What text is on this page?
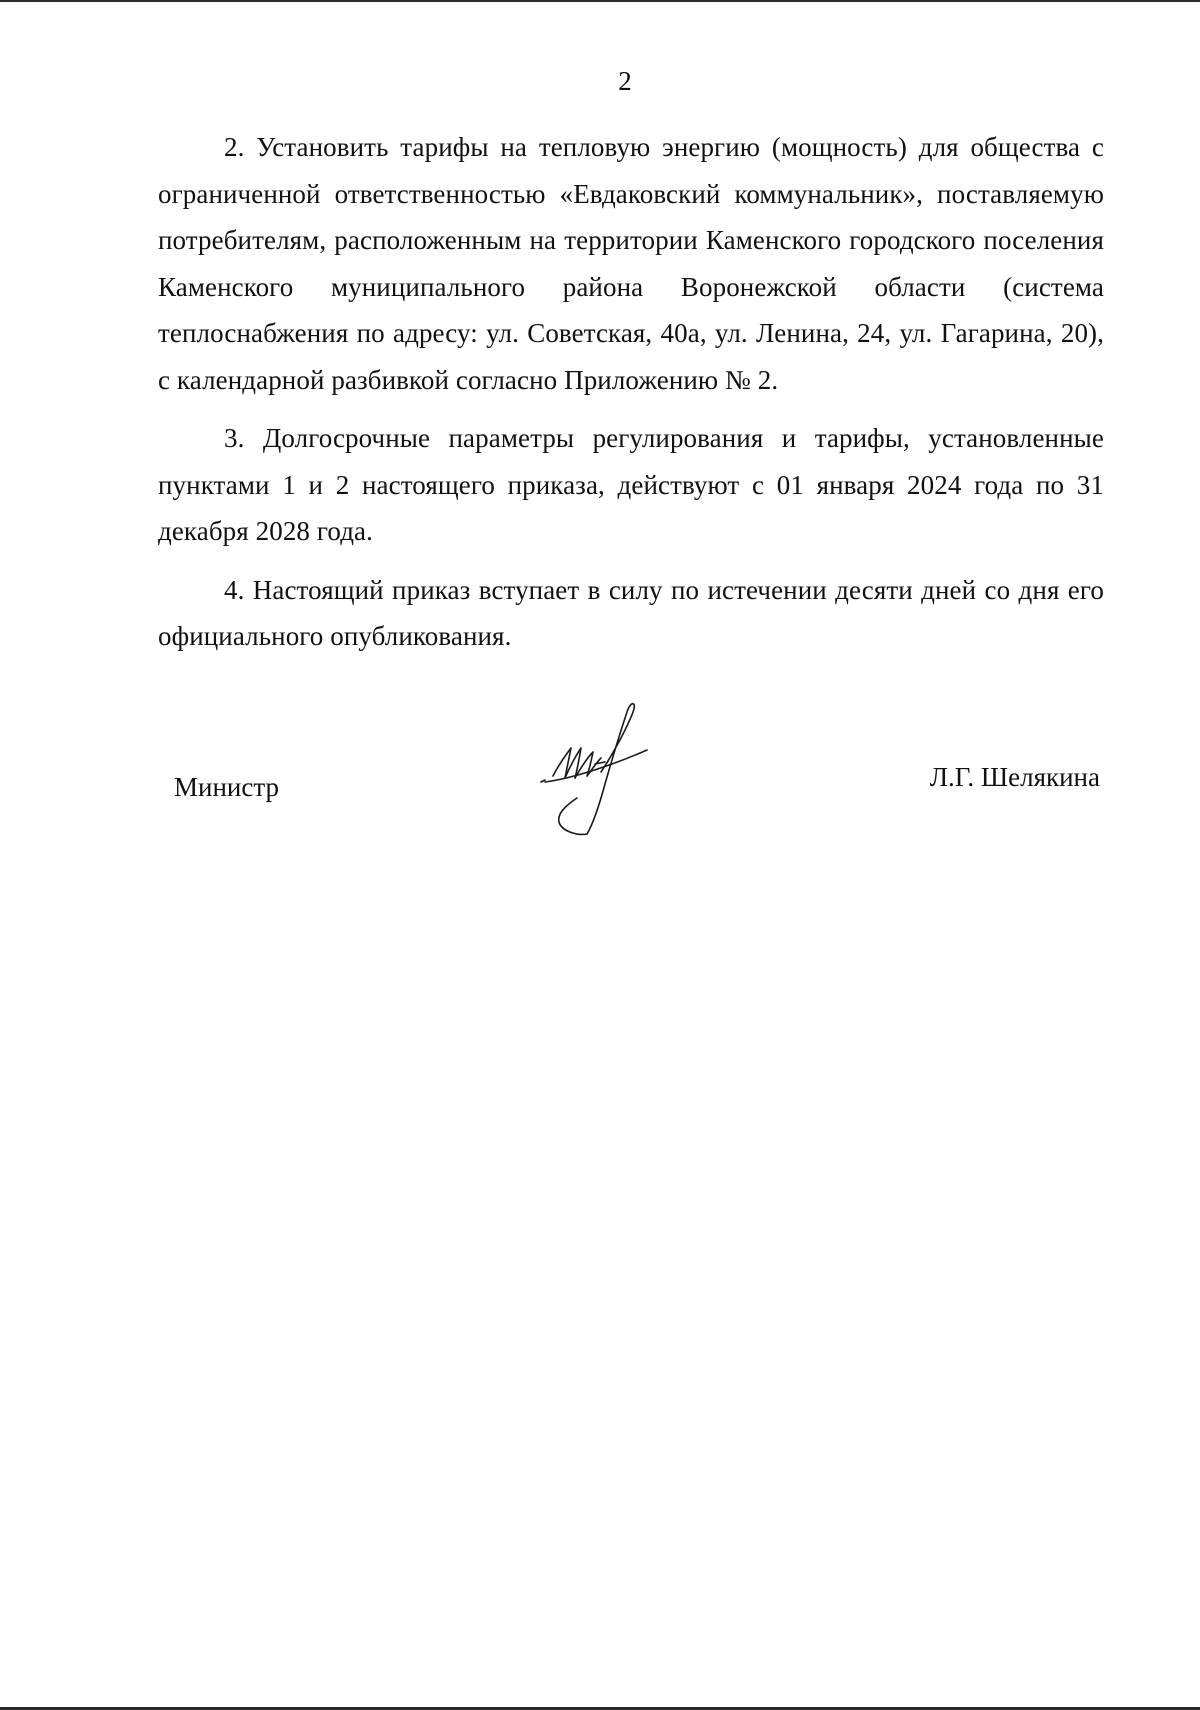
2

2. Установить тарифы на тепловую энергию (мощность) для общества с ограниченной ответственностью «Евдаковский коммунальник», поставляемую потребителям, расположенным на территории Каменского городского поселения Каменского муниципального района Воронежской области (система теплоснабжения по адресу: ул. Советская, 40а, ул. Ленина, 24, ул. Гагарина, 20), с календарной разбивкой согласно Приложению № 2.

3. Долгосрочные параметры регулирования и тарифы, установленные пунктами 1 и 2 настоящего приказа, действуют с 01 января 2024 года по 31 декабря 2028 года.

4. Настоящий приказ вступает в силу по истечении десяти дней со дня его официального опубликования.

Министр	Л.Г. Шелякина
